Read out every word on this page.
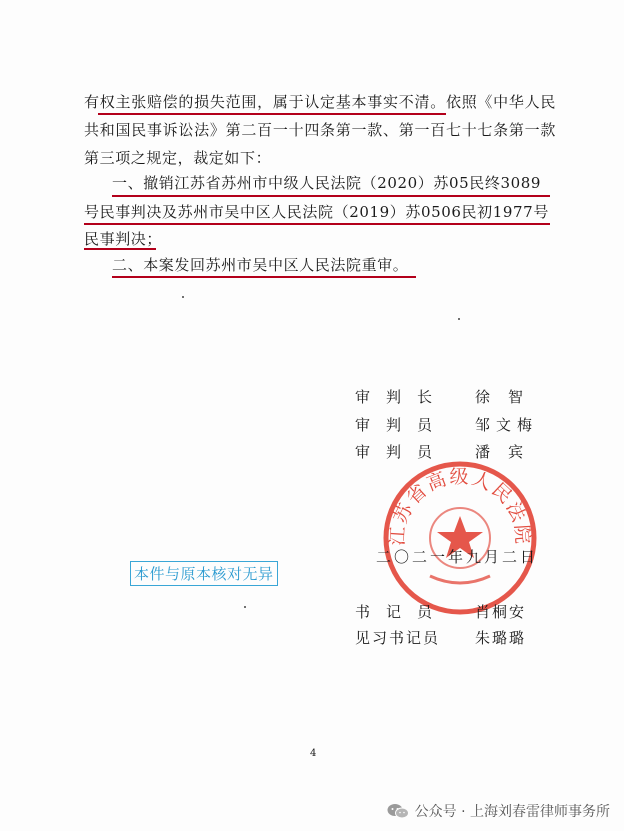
有权主张赔偿的损失范围，属于认定基本事实不清。依照《中华人民共和国民事诉讼法》第二百一十四条第一款、第一百七十七条第一款第三项之规定，裁定如下：
一、撤销江苏省苏州市中级人民法院（2020）苏05民终3089
号民事判决及苏州市吴中区人民法院（2019）苏0506民初1977号
民事判决；
二、本案发回苏州市吴中区人民法院重审。
江苏省高级人民法院
审判长 徐智
审判员 邹文梅
审判员 潘宾
二〇二一年九月二日
本件与原本核对无异
书记员 肖桐安
见习书记员 朱璐璐
4
公众号 · 上海刘春雷律师事务所
